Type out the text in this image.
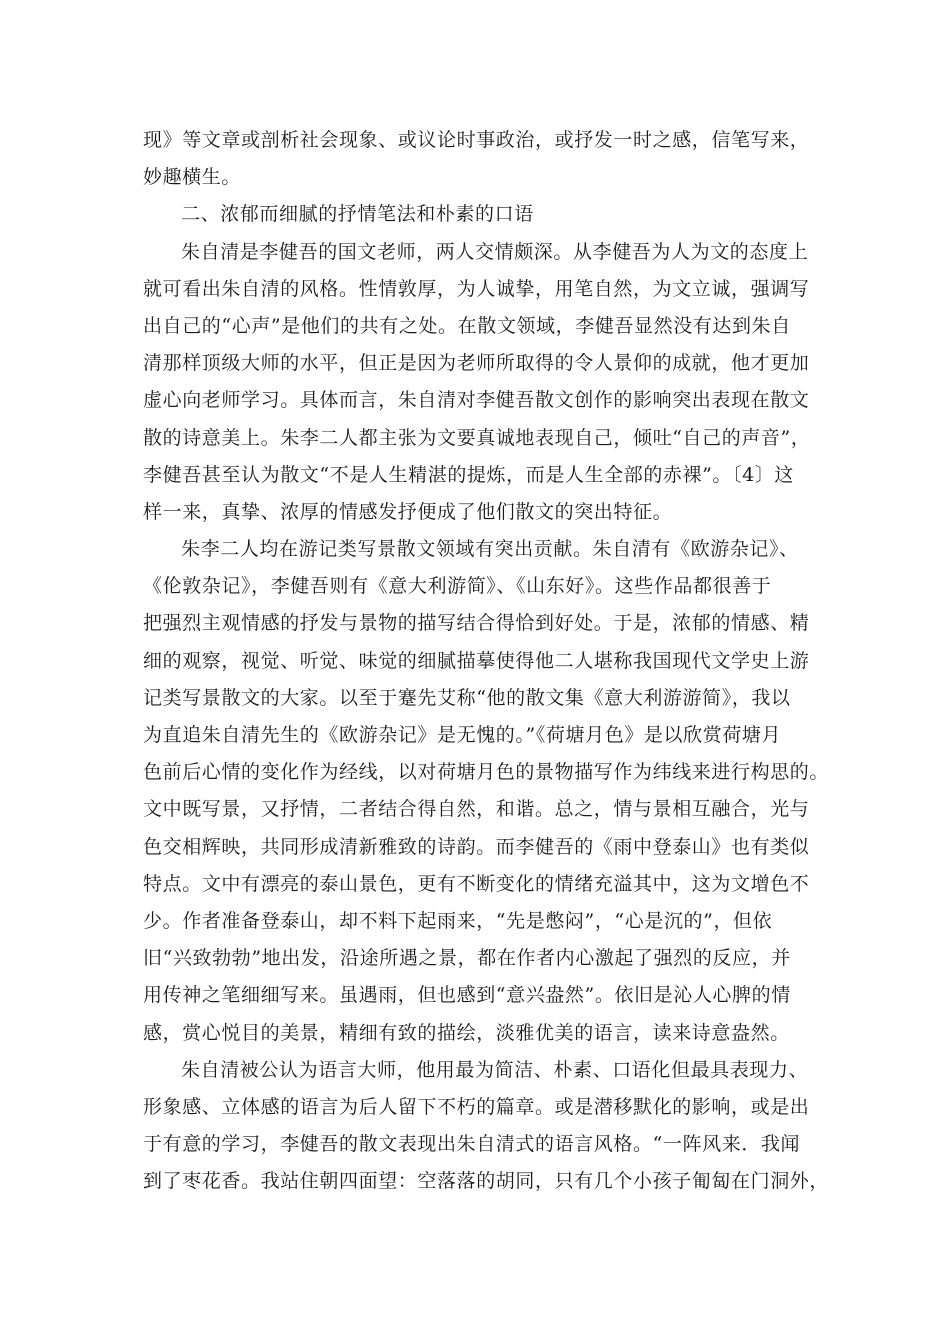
现》等文章或剖析社会现象、或议论时事政治，或抒发一时之感，信笔写来，
妙趣横生。
二、浓郁而细腻的抒情笔法和朴素的口语
朱自清是李健吾的国文老师，两人交情颇深。从李健吾为人为文的态度上
就可看出朱自清的风格。性情敦厚，为人诚挚，用笔自然，为文立诚，强调写
出自己的“心声”是他们的共有之处。在散文领域，李健吾显然没有达到朱自
清那样顶级大师的水平，但正是因为老师所取得的令人景仰的成就，他才更加
虚心向老师学习。具体而言，朱自清对李健吾散文创作的影响突出表现在散文
散的诗意美上。朱李二人都主张为文要真诚地表现自己，倾吐“自己的声音”，
李健吾甚至认为散文“不是人生精湛的提炼，而是人生全部的赤裸”。〔4〕这
样一来，真挚、浓厚的情感发抒便成了他们散文的突出特征。
朱李二人均在游记类写景散文领域有突出贡献。朱自清有《欧游杂记》、
《伦敦杂记》，李健吾则有《意大利游简》、《山东好》。这些作品都很善于
把强烈主观情感的抒发与景物的描写结合得恰到好处。于是，浓郁的情感、精
细的观察，视觉、听觉、味觉的细腻描摹使得他二人堪称我国现代文学史上游
记类写景散文的大家。以至于蹇先艾称“他的散文集《意大利游游简》，我以
为直追朱自清先生的《欧游杂记》是无愧的。”《荷塘月色》是以欣赏荷塘月
色前后心情的变化作为经线，以对荷塘月色的景物描写作为纬线来进行构思的。
文中既写景，又抒情，二者结合得自然，和谐。总之，情与景相互融合，光与
色交相辉映，共同形成清新雅致的诗韵。而李健吾的《雨中登泰山》也有类似
特点。文中有漂亮的泰山景色，更有不断变化的情绪充溢其中，这为文增色不
少。作者准备登泰山，却不料下起雨来，“先是憋闷”，“心是沉的”，但依
旧“兴致勃勃”地出发，沿途所遇之景，都在作者内心激起了强烈的反应，并
用传神之笔细细写来。虽遇雨，但也感到“意兴盎然”。依旧是沁人心脾的情
感，赏心悦目的美景，精细有致的描绘，淡雅优美的语言，读来诗意盎然。
朱自清被公认为语言大师，他用最为简洁、朴素、口语化但最具表现力、
形象感、立体感的语言为后人留下不朽的篇章。或是潜移默化的影响，或是出
于有意的学习，李健吾的散文表现出朱自清式的语言风格。“一阵风来．我闻
到了枣花香。我站住朝四面望：空落落的胡同，只有几个小孩子匍匐在门洞外，
